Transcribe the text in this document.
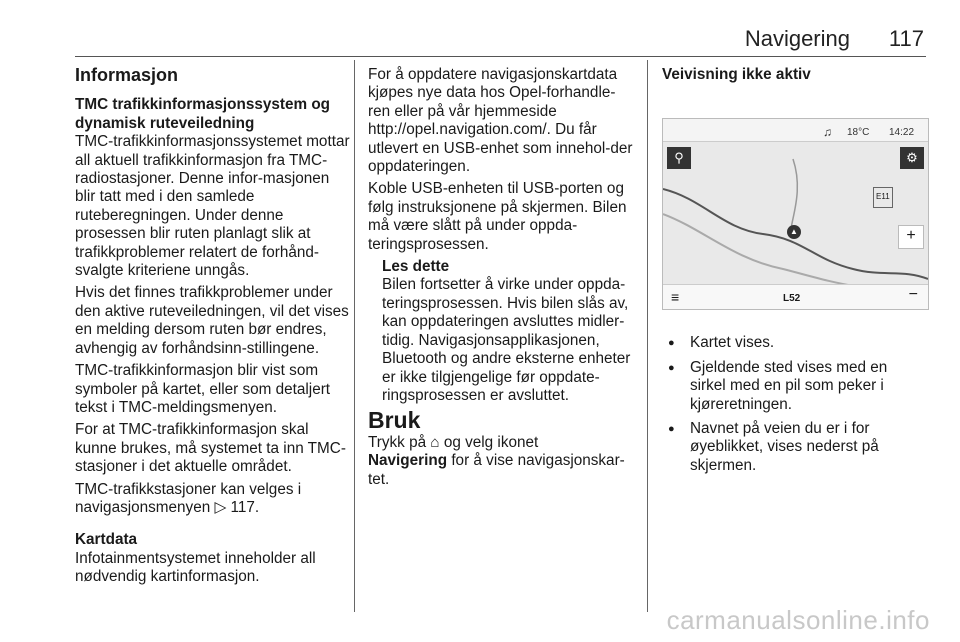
Navigering 117
Informasjon
TMC trafikkinformasjonssystem og dynamisk ruteveiledning

TMC-trafikkinformasjonssystemet mottar all aktuell trafikkinformasjon fra TMC-radiostasjoner. Denne infor-masjonen blir tatt med i den samlede ruteberegningen. Under denne prosessen blir ruten planlagt slik at trafikkproblemer relatert de forhånd-svalgte kriteriene unngås.

Hvis det finnes trafikkproblemer under den aktive ruteveiledningen, vil det vises en melding dersom ruten bør endres, avhengig av forhåndsinn-stillingene.

TMC-trafikkinformasjon blir vist som symboler på kartet, eller som detaljert tekst i TMC-meldingsmenyen.

For at TMC-trafikkinformasjon skal kunne brukes, må systemet ta inn TMC-stasjoner i det aktuelle området.

TMC-trafikkstasjoner kan velges i navigasjonsmenyen ▷ 117.

Kartdata

Infotainmentsystemet inneholder all nødvendig kartinformasjon.

For å oppdatere navigasjonskartdata kjøpes nye data hos Opel-forhandle-ren eller på vår hjemmeside http://opel.navigation.com/. Du får utlevert en USB-enhet som innehol-der oppdateringen.

Koble USB-enheten til USB-porten og følg instruksjonene på skjermen. Bilen må være slått på under oppda-teringsprosessen.

Les dette
Bilen fortsetter å virke under oppda-teringsprosessen. Hvis bilen slås av, kan oppdateringen avsluttes midler-tidig. Navigasjonsapplikasjonen, Bluetooth og andre eksterne enheter er ikke tilgjengelige før oppdate-ringsprosessen er avsluttet.
Bruk

Trykk på ⌂ og velg ikonet
Navigering for å vise navigasjonskar-tet.

Veivisning ikke aktiv
♫ 18°C 14:22
⚲	⚙
E11
▲	+
≡	L52	−
● Kartet vises.
● Gjeldende sted vises med en sirkel med en pil som peker i kjøreretningen.
● Navnet på veien du er i for øyeblikket, vises nederst på skjermen.
carmanualsonline.info
